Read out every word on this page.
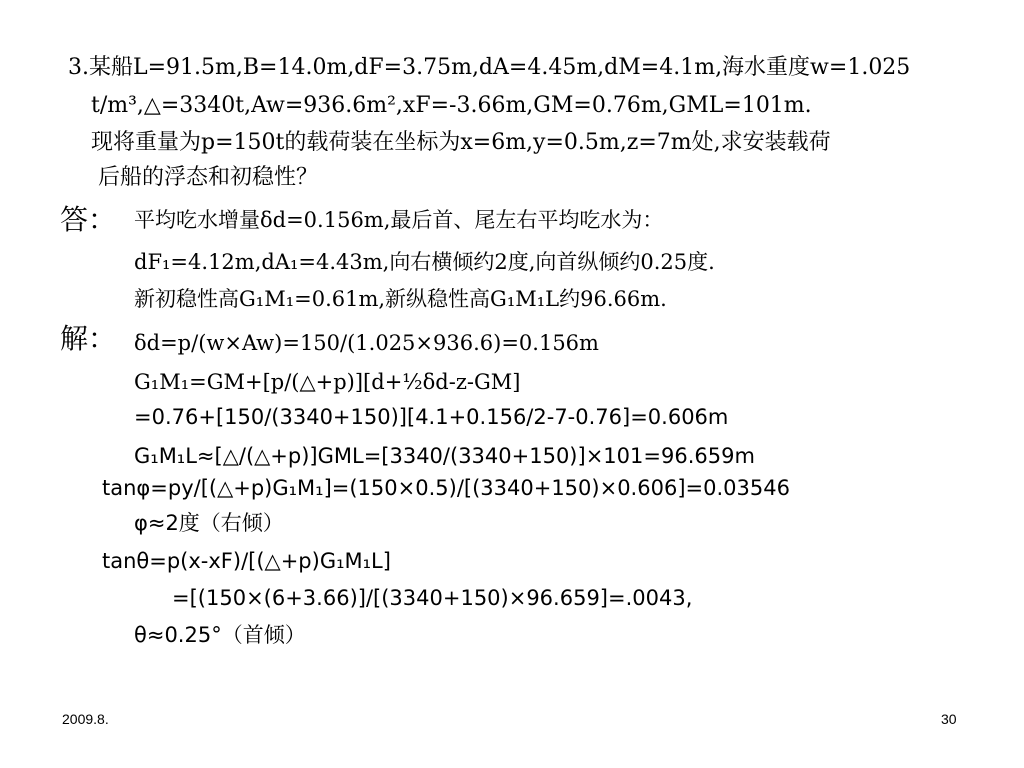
3.某船L=91.5m,B=14.0m,dF=3.75m,dA=4.45m,dM=4.1m,海水重度w=1.025
t/m³,△=3340t,Aw=936.6m²,xF=-3.66m,GM=0.76m,GML=101m.
现将重量为p=150t的载荷装在坐标为x=6m,y=0.5m,z=7m处,求安装载荷
后船的浮态和初稳性？
答： 平均吃水增量δd=0.156m,最后首、尾左右平均吃水为：
dF₁=4.12m,dA₁=4.43m,向右横倾约2度,向首纵倾约0.25度.
新初稳性高G₁M₁=0.61m,新纵稳性高G₁M₁L约96.66m.
解： δd=p/(w×Aw)=150/(1.025×936.6)=0.156m
G₁M₁=GM+[p/(△+p)][d+½δd-z-GM]
=0.76+[150/(3340+150)][4.1+0.156/2-7-0.76]=0.606m
G₁M₁L≈[△/(△+p)]GML=[3340/(3340+150)]×101=96.659m
tanφ=py/[(△+p)G₁M₁]=(150×0.5)/[(3340+150)×0.606]=0.03546
φ≈2度（右倾）
tanθ=p(x-xF)/[(△+p)G₁M₁L]
=[(150×(6+3.66)]/[(3340+150)×96.659]=.0043,
θ≈0.25°（首倾）
2009.8.	30
